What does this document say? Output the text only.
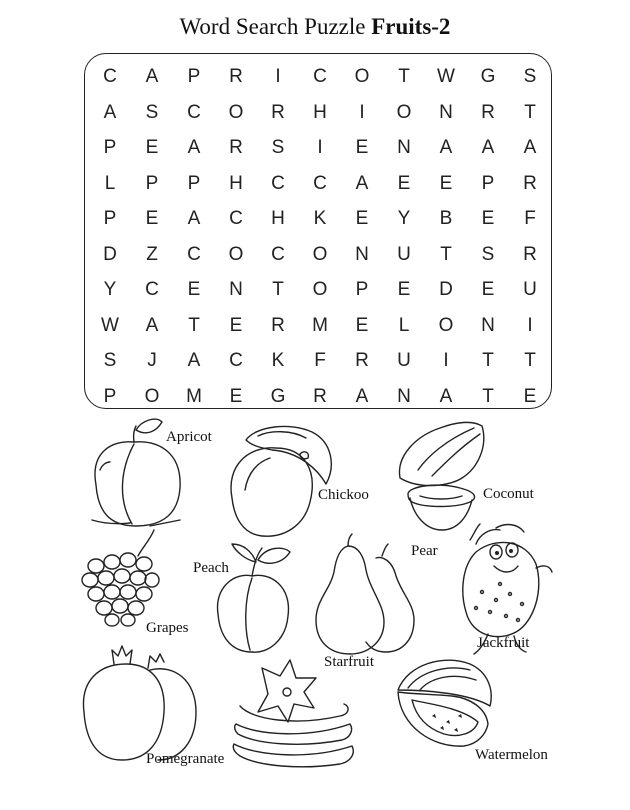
Word Search Puzzle Fruits-2
C	A	P	R	I	C	O	T	W	G	S
A	S	C	O	R	H	I	O	N	R	T
P	E	A	R	S	I	E	N	A	A	A
L	P	P	H	C	C	A	E	E	P	R
P	E	A	C	H	K	E	Y	B	E	F
D	Z	C	O	C	O	N	U	T	S	R
Y	C	E	N	T	O	P	E	D	E	U
W	A	T	E	R	M	E	L	O	N	I
S	J	A	C	K	F	R	U	I	T	T
P	O	M	E	G	R	A	N	A	T	E
Apricot
Chickoo	Coconut
Peach
Pear
Grapes
Jackfruit
Starfruit
Pomegranate	Watermelon
